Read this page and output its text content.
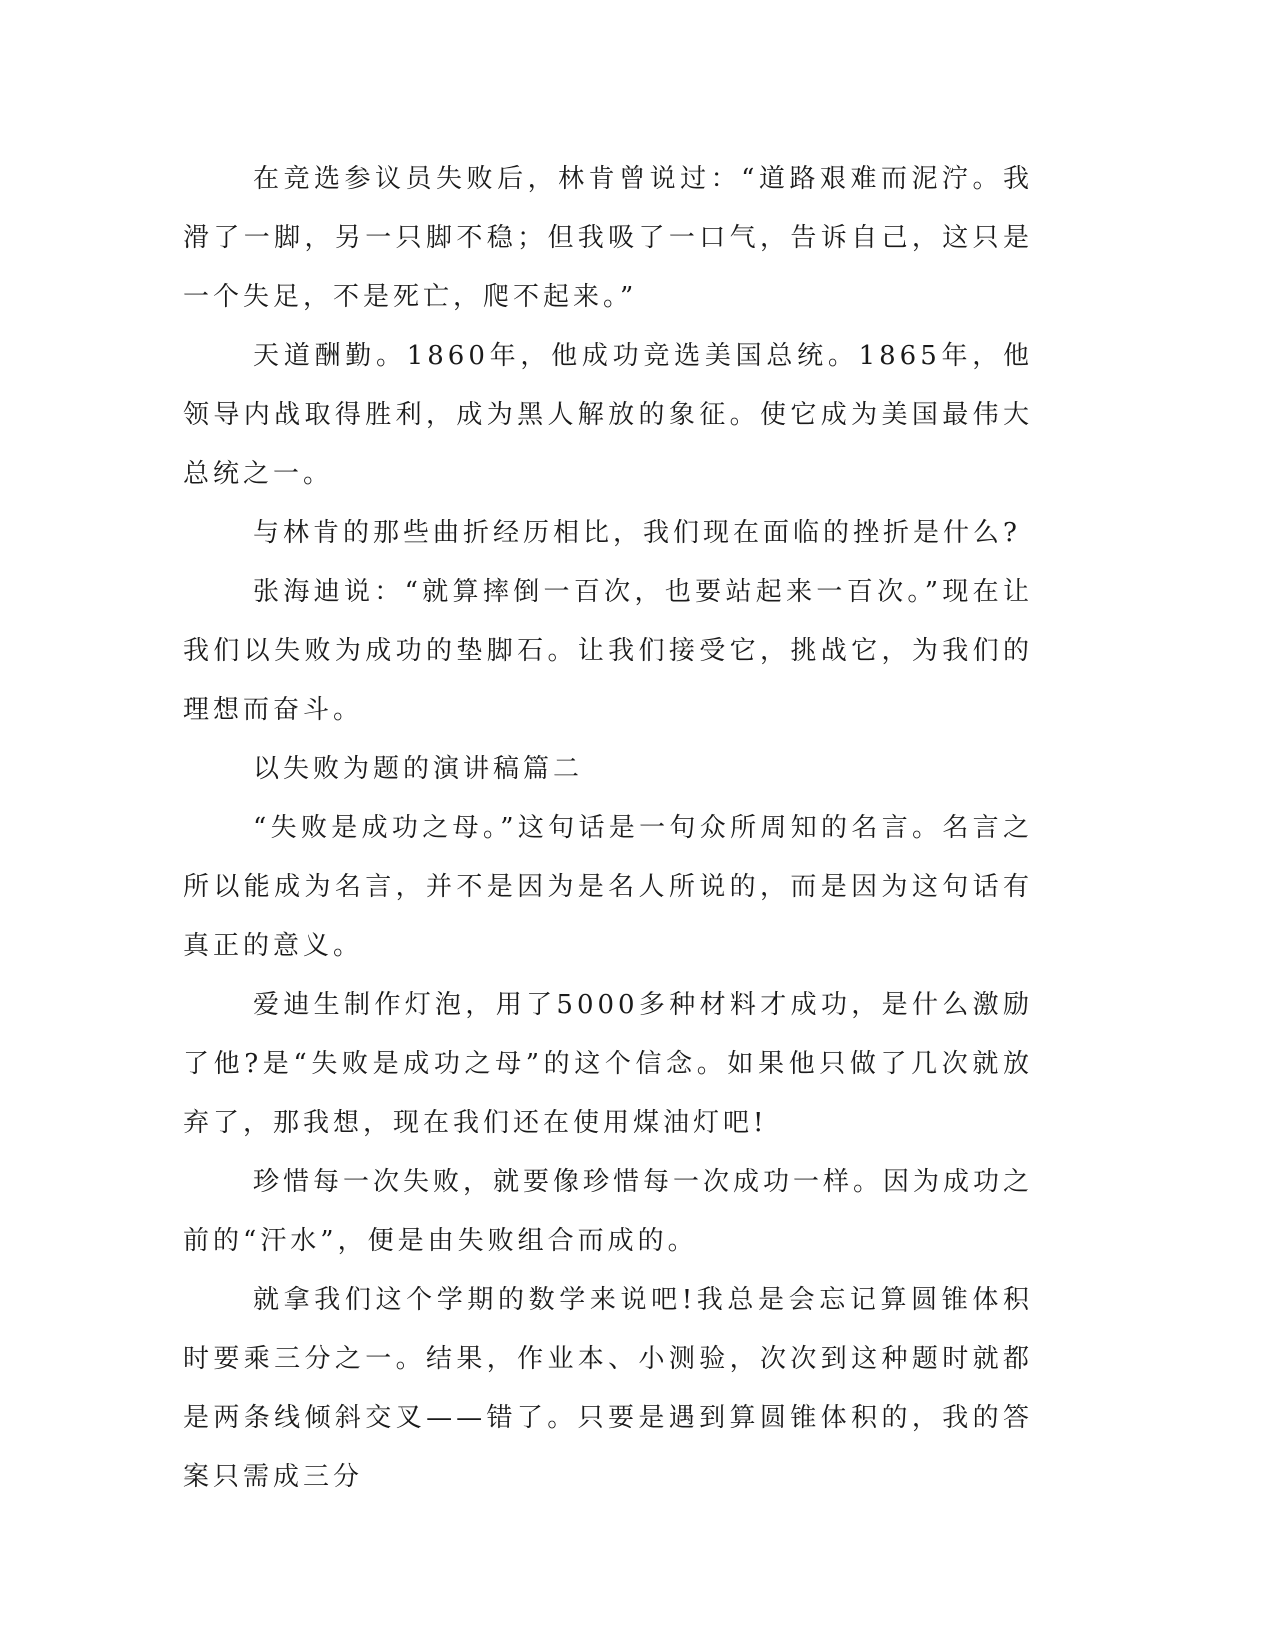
在竞选参议员失败后，林肯曾说过：“道路艰难而泥泞。我滑了一脚，另一只脚不稳；但我吸了一口气，告诉自己，这只是一个失足，不是死亡，爬不起来。”

天道酬勤。1860年，他成功竞选美国总统。1865年，他领导内战取得胜利，成为黑人解放的象征。使它成为美国最伟大总统之一。

与林肯的那些曲折经历相比，我们现在面临的挫折是什么?

张海迪说：“就算摔倒一百次，也要站起来一百次。”现在让我们以失败为成功的垫脚石。让我们接受它，挑战它，为我们的理想而奋斗。

以失败为题的演讲稿篇二

“失败是成功之母。”这句话是一句众所周知的名言。名言之所以能成为名言，并不是因为是名人所说的，而是因为这句话有真正的意义。

爱迪生制作灯泡，用了5000多种材料才成功，是什么激励了他?是“失败是成功之母”的这个信念。如果他只做了几次就放弃了，那我想，现在我们还在使用煤油灯吧!

珍惜每一次失败，就要像珍惜每一次成功一样。因为成功之前的“汗水”，便是由失败组合而成的。

就拿我们这个学期的数学来说吧!我总是会忘记算圆锥体积时要乘三分之一。结果，作业本、小测验，次次到这种题时就都是两条线倾斜交叉——错了。只要是遇到算圆锥体积的，我的答案只需成三分
